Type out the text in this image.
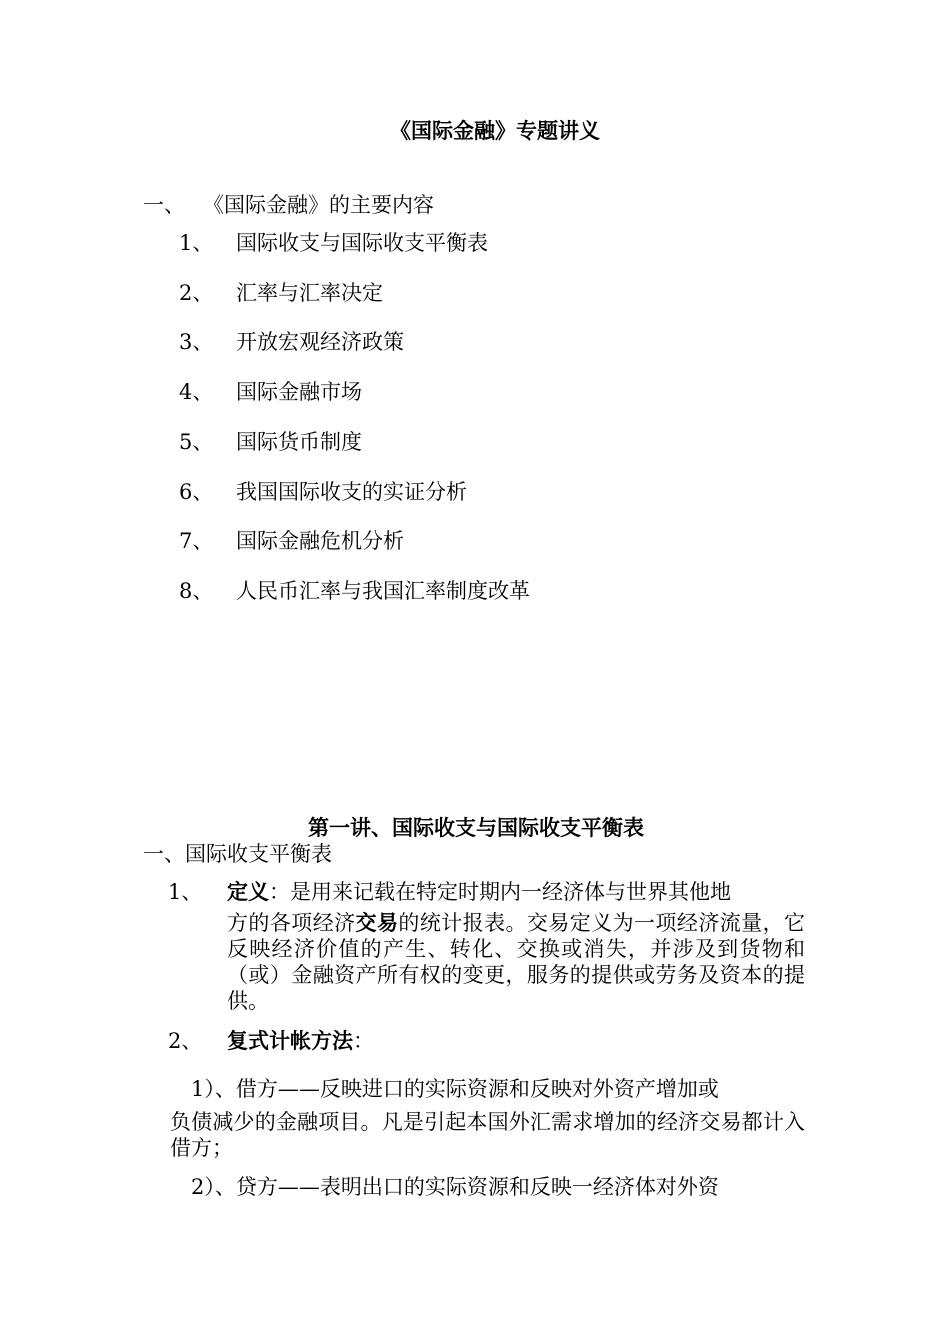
《国际金融》专题讲义
一、 《国际金融》的主要内容
1、 国际收支与国际收支平衡表
2、 汇率与汇率决定
3、 开放宏观经济政策
4、 国际金融市场
5、 国际货币制度
6、 我国国际收支的实证分析
7、 国际金融危机分析
8、 人民币汇率与我国汇率制度改革
第一讲、国际收支与国际收支平衡表
一、国际收支平衡表
1、 定义：是用来记载在特定时期内一经济体与世界其他地
方的各项经济交易的统计报表。交易定义为一项经济流量，它反映经济价值的产生、转化、交换或消失，并涉及到货物和（或）金融资产所有权的变更，服务的提供或劳务及资本的提供。
2、 复式计帐方法：
1）、借方——反映进口的实际资源和反映对外资产增加或
负债减少的金融项目。凡是引起本国外汇需求增加的经济交易都计入借方；
2）、贷方——表明出口的实际资源和反映一经济体对外资
